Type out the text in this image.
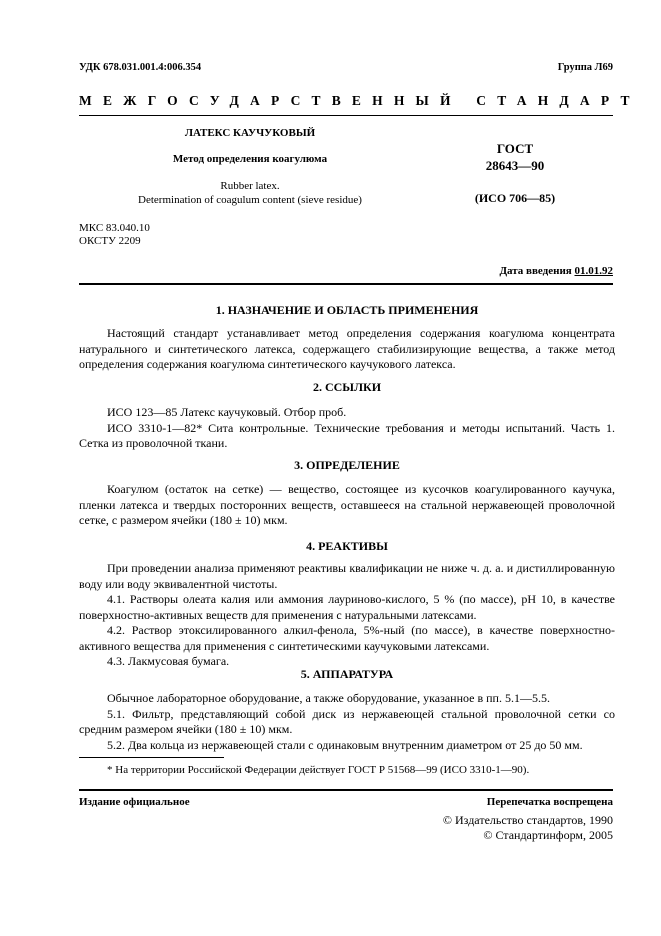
УДК 678.031.001.4:006.354	Группа Л69
МЕЖГОСУДАРСТВЕННЫЙ СТАНДАРТ
ЛАТЕКС КАУЧУКОВЫЙ
Метод определения коагулюма
Rubber latex.
Determination of coagulum content (sieve residue)
ГОСТ
28643—90
(ИСО 706—85)
МКС 83.040.10
ОКСТУ 2209
Дата введения 01.01.92
1. НАЗНАЧЕНИЕ И ОБЛАСТЬ ПРИМЕНЕНИЯ

Настоящий стандарт устанавливает метод определения содержания коагулюма концентрата натурального и синтетического латекса, содержащего стабилизирующие вещества, а также метод определения содержания коагулюма синтетического каучукового латекса.

2. ССЫЛКИ

ИСО 123—85 Латекс каучуковый. Отбор проб.

ИСО 3310-1—82* Сита контрольные. Технические требования и методы испытаний. Часть 1. Сетка из проволочной ткани.

3. ОПРЕДЕЛЕНИЕ

Коагулюм (остаток на сетке) — вещество, состоящее из кусочков коагулированного каучука, пленки латекса и твердых посторонних веществ, оставшееся на стальной нержавеющей проволочной сетке, с размером ячейки (180 ± 10) мкм.

4. РЕАКТИВЫ

При проведении анализа применяют реактивы квалификации не ниже ч. д. а. и дистиллированную воду или воду эквивалентной чистоты.

4.1. Растворы олеата калия или аммония лауриново-кислого, 5 % (по массе), рН 10, в качестве поверхностно-активных веществ для применения с натуральными латексами.

4.2. Раствор этоксилированного алкил-фенола, 5%-ный (по массе), в качестве поверхностно-активного вещества для применения с синтетическими каучуковыми латексами.

4.3. Лакмусовая бумага.

5. АППАРАТУРА

Обычное лабораторное оборудование, а также оборудование, указанное в пп. 5.1—5.5.

5.1. Фильтр, представляющий собой диск из нержавеющей стальной проволочной сетки со средним размером ячейки (180 ± 10) мкм.

5.2. Два кольца из нержавеющей стали с одинаковым внутренним диаметром от 25 до 50 мм.

* На территории Российской Федерации действует ГОСТ Р 51568—99 (ИСО 3310-1—90).
Издание официальное	Перепечатка воспрещена
© Издательство стандартов, 1990
© Стандартинформ, 2005
